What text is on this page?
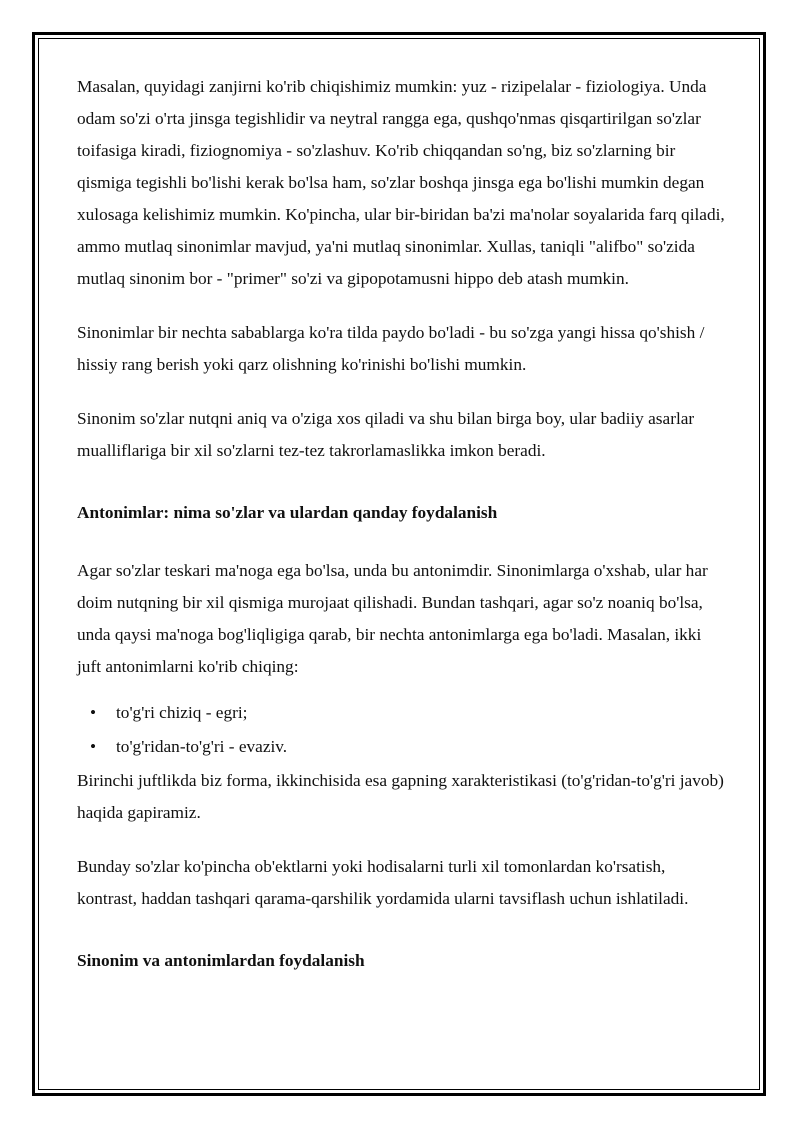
Masalan, quyidagi zanjirni ko'rib chiqishimiz mumkin: yuz - rizipelalar - fiziologiya. Unda odam so'zi o'rta jinsga tegishlidir va neytral rangga ega, qushqo'nmas qisqartirilgan so'zlar toifasiga kiradi, fiziognomiya - so'zlashuv. Ko'rib chiqqandan so'ng, biz so'zlarning bir qismiga tegishli bo'lishi kerak bo'lsa ham, so'zlar boshqa jinsga ega bo'lishi mumkin degan xulosaga kelishimiz mumkin. Ko'pincha, ular bir-biridan ba'zi ma'nolar soyalarida farq qiladi, ammo mutlaq sinonimlar mavjud, ya'ni mutlaq sinonimlar. Xullas, taniqli "alifbo" so'zida mutlaq sinonim bor - "primer" so'zi va gipopotamusni hippo deb atash mumkin.

Sinonimlar bir nechta sabablarga ko'ra tilda paydo bo'ladi - bu so'zga yangi hissa qo'shish / hissiy rang berish yoki qarz olishning ko'rinishi bo'lishi mumkin.

Sinonim so'zlar nutqni aniq va o'ziga xos qiladi va shu bilan birga boy, ular badiiy asarlar mualliflariga bir xil so'zlarni tez-tez takrorlamaslikka imkon beradi.

Antonimlar: nima so'zlar va ulardan qanday foydalanish

Agar so'zlar teskari ma'noga ega bo'lsa, unda bu antonimdir. Sinonimlarga o'xshab, ular har doim nutqning bir xil qismiga murojaat qilishadi. Bundan tashqari, agar so'z noaniq bo'lsa, unda qaysi ma'noga bog'liqligiga qarab, bir nechta antonimlarga ega bo'ladi. Masalan, ikki juft antonimlarni ko'rib chiqing:

• to'g'ri chiziq - egri;
• to'g'ridan-to'g'ri - evaziv.

Birinchi juftlikda biz forma, ikkinchisida esa gapning xarakteristikasi (to'g'ridan-to'g'ri javob) haqida gapiramiz.

Bunday so'zlar ko'pincha ob'ektlarni yoki hodisalarni turli xil tomonlardan ko'rsatish, kontrast, haddan tashqari qarama-qarshilik yordamida ularni tavsiflash uchun ishlatiladi.

Sinonim va antonimlardan foydalanish
